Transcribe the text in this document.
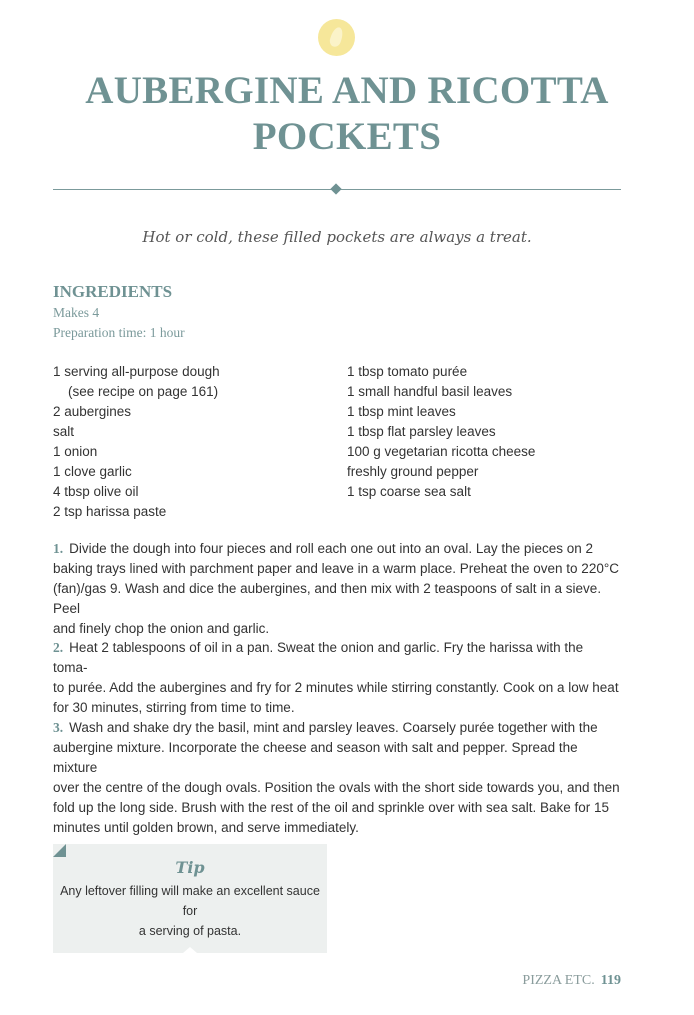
AUBERGINE AND RICOTTA
POCKETS
Hot or cold, these filled pockets are always a treat.
INGREDIENTS
Makes 4
Preparation time: 1 hour
1 serving all-purpose dough
(see recipe on page 161)
2 aubergines
salt
1 onion
1 clove garlic
4 tbsp olive oil
2 tsp harissa paste
1 tbsp tomato purée
1 small handful basil leaves
1 tbsp mint leaves
1 tbsp flat parsley leaves
100 g vegetarian ricotta cheese
freshly ground pepper
1 tsp coarse sea salt
1. Divide the dough into four pieces and roll each one out into an oval. Lay the pieces on 2
baking trays lined with parchment paper and leave in a warm place. Preheat the oven to 220°C
(fan)/gas 9. Wash and dice the aubergines, and then mix with 2 teaspoons of salt in a sieve. Peel
and finely chop the onion and garlic.
2. Heat 2 tablespoons of oil in a pan. Sweat the onion and garlic. Fry the harissa with the toma-
to purée. Add the aubergines and fry for 2 minutes while stirring constantly. Cook on a low heat
for 30 minutes, stirring from time to time.
3. Wash and shake dry the basil, mint and parsley leaves. Coarsely purée together with the
aubergine mixture. Incorporate the cheese and season with salt and pepper. Spread the mixture
over the centre of the dough ovals. Position the ovals with the short side towards you, and then
fold up the long side. Brush with the rest of the oil and sprinkle over with sea salt. Bake for 15
minutes until golden brown, and serve immediately.
Tip
Any leftover filling will make an excellent sauce for
a serving of pasta.
PIZZA ETC. 119
